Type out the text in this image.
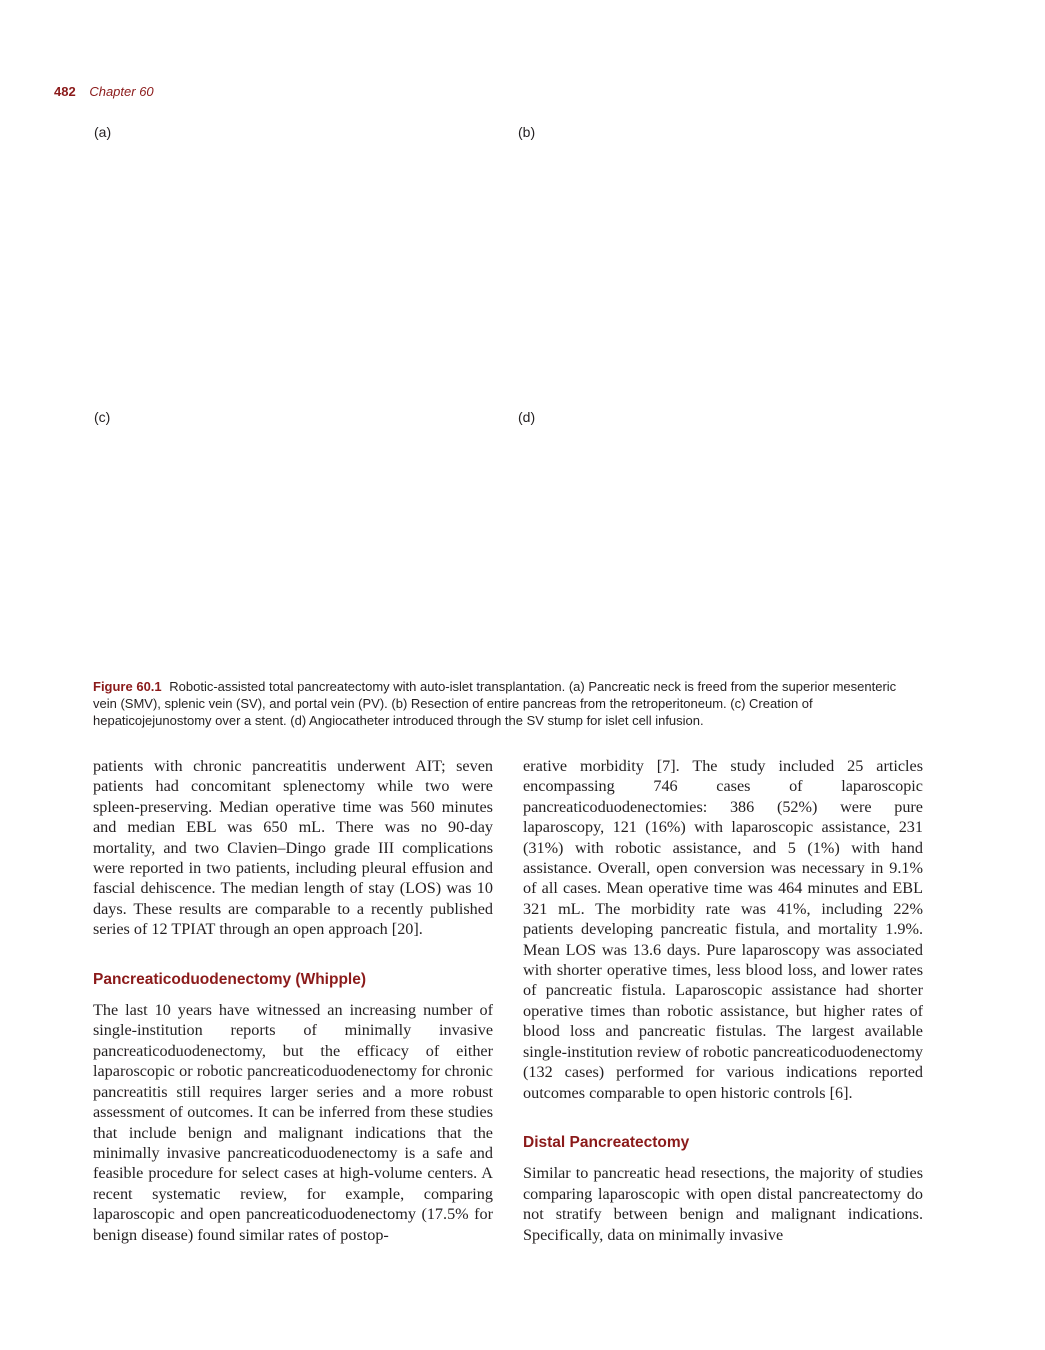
482 Chapter 60
(a)	(b)
(c)	(d)
Figure 60.1 Robotic-assisted total pancreatectomy with auto-islet transplantation. (a) Pancreatic neck is freed from the superior mesenteric vein (SMV), splenic vein (SV), and portal vein (PV). (b) Resection of entire pancreas from the retroperitoneum. (c) Creation of hepaticojejunostomy over a stent. (d) Angiocatheter introduced through the SV stump for islet cell infusion.

patients with chronic pancreatitis underwent AIT; seven patients had concomitant splenectomy while two were spleen-preserving. Median operative time was 560 minutes and median EBL was 650 mL. There was no 90-day mortality, and two Clavien–Dingo grade III complications were reported in two patients, including pleural effusion and fascial dehiscence. The median length of stay (LOS) was 10 days. These results are comparable to a recently published series of 12 TPIAT through an open approach [20].

Pancreaticoduodenectomy (Whipple)

The last 10 years have witnessed an increasing number of single-institution reports of minimally invasive pancreaticoduodenectomy, but the efficacy of either laparoscopic or robotic pancreaticoduodenectomy for chronic pancreatitis still requires larger series and a more robust assessment of outcomes. It can be inferred from these studies that include benign and malignant indications that the minimally invasive pancreaticoduodenectomy is a safe and feasible procedure for select cases at high-volume centers. A recent systematic review, for example, comparing laparoscopic and open pancreaticoduodenectomy (17.5% for benign disease) found similar rates of postop-

erative morbidity [7]. The study included 25 articles encompassing 746 cases of laparoscopic pancreaticoduodenectomies: 386 (52%) were pure laparoscopy, 121 (16%) with laparoscopic assistance, 231 (31%) with robotic assistance, and 5 (1%) with hand assistance. Overall, open conversion was necessary in 9.1% of all cases. Mean operative time was 464 minutes and EBL 321 mL. The morbidity rate was 41%, including 22% patients developing pancreatic fistula, and mortality 1.9%. Mean LOS was 13.6 days. Pure laparoscopy was associated with shorter operative times, less blood loss, and lower rates of pancreatic fistula. Laparoscopic assistance had shorter operative times than robotic assistance, but higher rates of blood loss and pancreatic fistulas. The largest available single-institution review of robotic pancreaticoduodenectomy (132 cases) performed for various indications reported outcomes comparable to open historic controls [6].

Distal Pancreatectomy

Similar to pancreatic head resections, the majority of studies comparing laparoscopic with open distal pancreatectomy do not stratify between benign and malignant indications. Specifically, data on minimally invasive
